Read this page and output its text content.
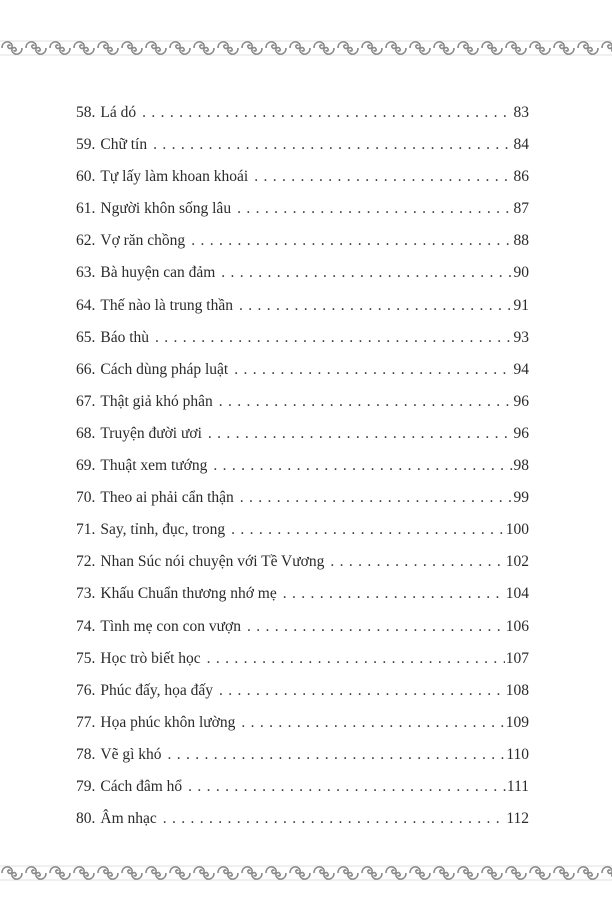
58. Lá dó . . .	83
59. Chữ tín . . .	84
60. Tự lấy làm khoan khoái . . .	86
61. Người khôn sống lâu . . .	87
62. Vợ răn chồng . . .	88
63. Bà huyện can đảm . . .	90
64. Thế nào là trung thần . . .	91
65. Báo thù . . .	93
66. Cách dùng pháp luật . . .	94
67. Thật giả khó phân . . .	96
68. Truyện đười ươi . . .	96
69. Thuật xem tướng . . .	98
70. Theo ai phải cẩn thận . . .	99
71. Say, tỉnh, đục, trong . . .	100
72. Nhan Súc nói chuyện với Tề Vương . . .	102
73. Khấu Chuẩn thương nhớ mẹ . . .	104
74. Tình mẹ con con vượn . . .	106
75. Học trò biết học . . .	107
76. Phúc đấy, họa đấy . . .	108
77. Họa phúc khôn lường . . .	109
78. Vẽ gì khó . . .	110
79. Cách đâm hổ . . .	111
80. Âm nhạc . . .	112
